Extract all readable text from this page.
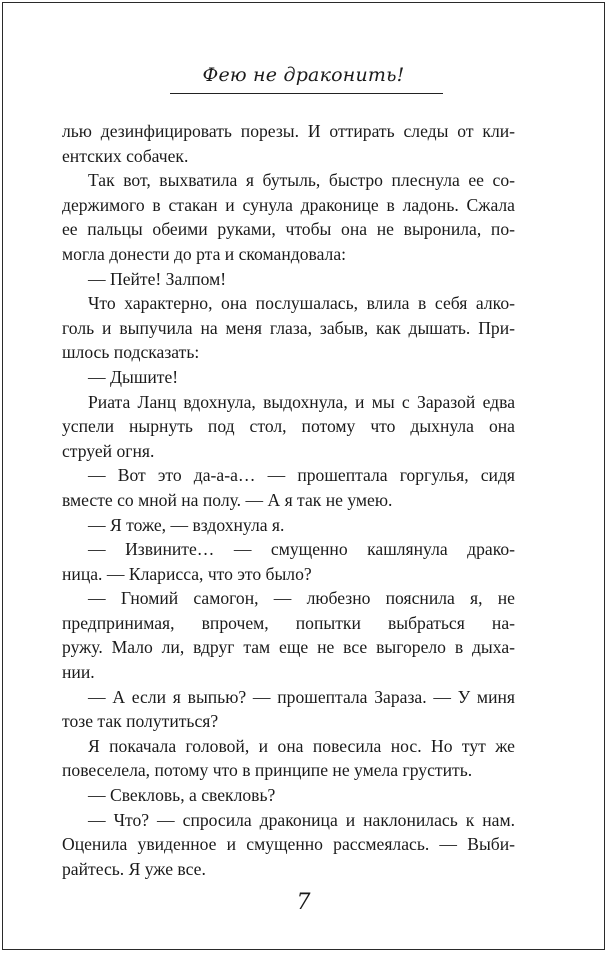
Фею не драконить!
лью дезинфицировать порезы. И оттирать следы от кли-
ентских собачек.
Так вот, выхватила я бутыль, быстро плеснула ее со-
держимого в стакан и сунула драконице в ладонь. Сжала
ее пальцы обеими руками, чтобы она не выронила, по-
могла донести до рта и скомандовала:
— Пейте! Залпом!
Что характерно, она послушалась, влила в себя алко-
голь и выпучила на меня глаза, забыв, как дышать. При-
шлось подсказать:
— Дышите!
Риата Ланц вдохнула, выдохнула, и мы с Заразой едва
успели нырнуть под стол, потому что дыхнула она
струей огня.
— Вот это да-а-а… — прошептала горгулья, сидя
вместе со мной на полу. — А я так не умею.
— Я тоже, — вздохнула я.
— Извините… — смущенно кашлянула драко-
ница. — Кларисса, что это было?
— Гномий самогон, — любезно пояснила я, не
предпринимая, впрочем, попытки выбраться на-
ружу. Мало ли, вдруг там еще не все выгорело в дыха-
нии.
— А если я выпью? — прошептала Зараза. — У миня
тозе так полутиться?
Я покачала головой, и она повесила нос. Но тут же
повеселела, потому что в принципе не умела грустить.
— Свекловь, а свекловь?
— Что? — спросила драконица и наклонилась к нам.
Оценила увиденное и смущенно рассмеялась. — Выби-
райтесь. Я уже все.
7
